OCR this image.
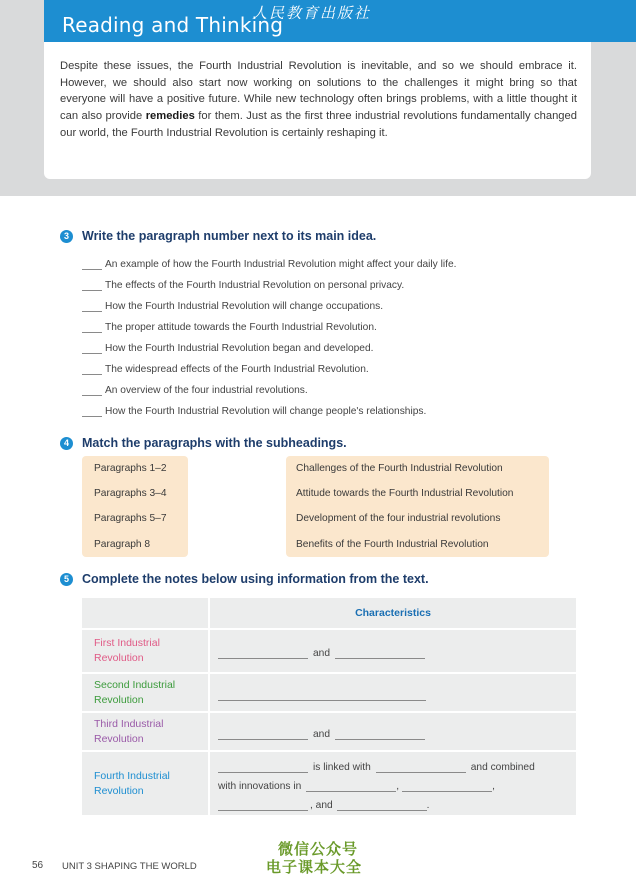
Reading and Thinking
人民教育出版社

Despite these issues, the Fourth Industrial Revolution is inevitable, and so we should embrace it. However, we should also start now working on solutions to the challenges it might bring so that everyone will have a positive future. While new technology often brings problems, with a little thought it can also provide remedies for them. Just as the first three industrial revolutions fundamentally changed our world, the Fourth Industrial Revolution is certainly reshaping it.

3	Write the paragraph number next to its main idea.
An example of how the Fourth Industrial Revolution might affect your daily life.
The effects of the Fourth Industrial Revolution on personal privacy.
How the Fourth Industrial Revolution will change occupations.
The proper attitude towards the Fourth Industrial Revolution.
How the Fourth Industrial Revolution began and developed.
The widespread effects of the Fourth Industrial Revolution.
An overview of the four industrial revolutions.
How the Fourth Industrial Revolution will change people's relationships.
4	Match the paragraphs with the subheadings.
Paragraphs 1–2
Paragraphs 3–4
Paragraphs 5–7
Paragraph 8
Challenges of the Fourth Industrial Revolution
Attitude towards the Fourth Industrial Revolution
Development of the four industrial revolutions
Benefits of the Fourth Industrial Revolution
5	Complete the notes below using information from the text.
Characteristics
First Industrial Revolution	and
Second Industrial Revolution
Third Industrial Revolution	and
Fourth Industrial Revolution
is linked with	and combined
with innovations in	,	,
, and	.
56 UNIT 3 SHAPING THE WORLD
微信公众号
电子课本大全
